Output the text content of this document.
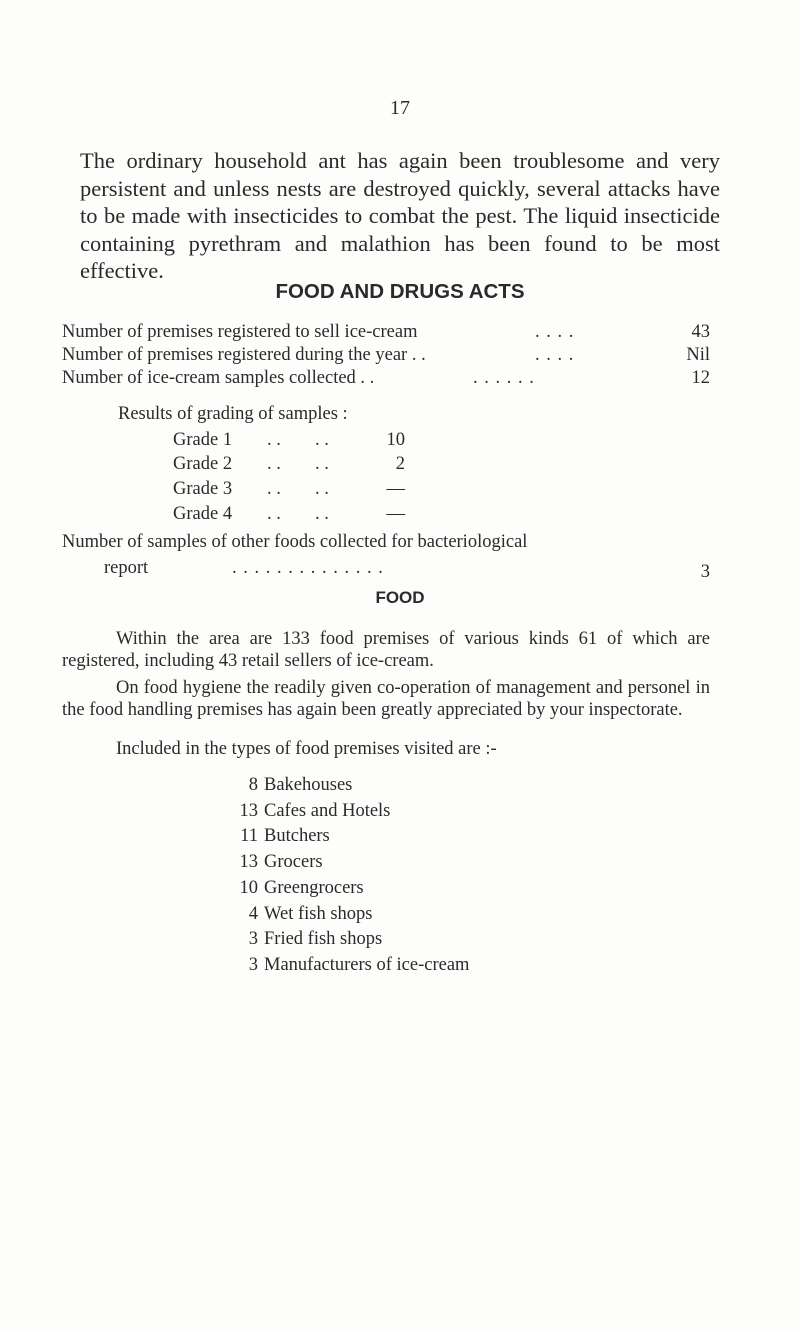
17

The ordinary household ant has again been troublesome and very persistent and unless nests are destroyed quickly, several attacks have to be made with insecticides to combat the pest. The liquid insecticide containing pyrethram and malathion has been found to be most effective.

FOOD AND DRUGS ACTS
Number of premises registered to sell ice-cream	. . . .	43
Number of premises registered during the year . .	. . . .	Nil
Number of ice-cream samples collected . .	. . . . . .	12
Results of grading of samples :
Grade 1 . . . .	10
Grade 2 . . . .	2
Grade 3 . . . .	—
Grade 4 . . . .	—
Number of samples of other foods collected for bacteriological
report	. . . . . . . . . . . . . .	3
FOOD

Within the area are 133 food premises of various kinds 61 of which are registered, including 43 retail sellers of ice-cream.

On food hygiene the readily given co-operation of management and personel in the food handling premises has again been greatly appreciated by your inspectorate.

Included in the types of food premises visited are :-

8 Bakehouses
13 Cafes and Hotels
11 Butchers
13 Grocers
10 Greengrocers
4 Wet fish shops
3 Fried fish shops
3 Manufacturers of ice-cream
